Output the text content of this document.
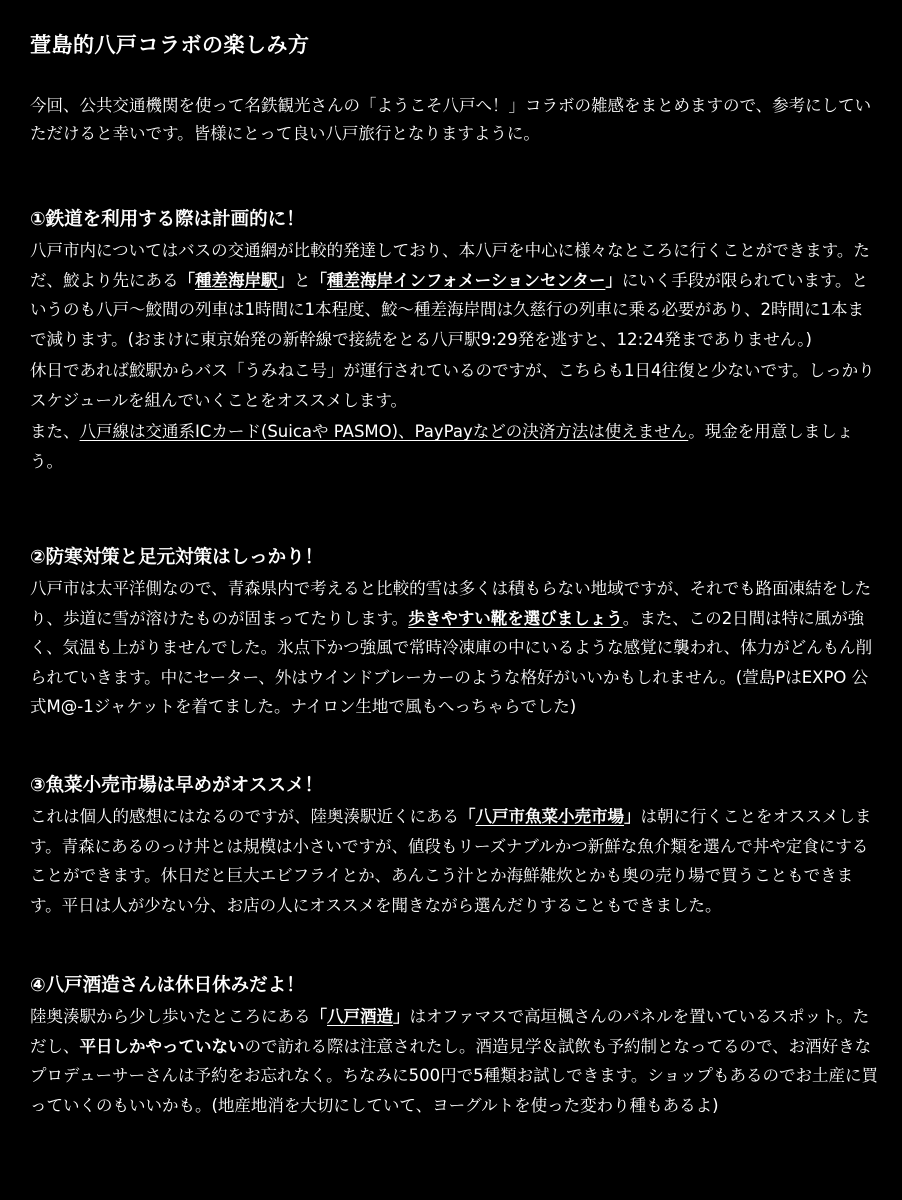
萱島的八戸コラボの楽しみ方
今回、公共交通機関を使って名鉄観光さんの「ようこそ八戸へ！」コラボの雑感をまとめますので、参考にしていただけると幸いです。皆様にとって良い八戸旅行となりますように。
①鉄道を利用する際は計画的に！
八戸市内についてはバスの交通網が比較的発達しており、本八戸を中心に様々なところに行くことができます。ただ、鮫より先にある「種差海岸駅」と「種差海岸インフォメーションセンター」にいく手段が限られています。というのも八戸〜鮫間の列車は1時間に1本程度、鮫〜種差海岸間は久慈行の列車に乗る必要があり、2時間に1本まで減ります。(おまけに東京始発の新幹線で接続をとる八戸駅9:29発を逃すと、12:24発までありません。)
休日であれば鮫駅からバス「うみねこ号」が運行されているのですが、こちらも1日4往復と少ないです。しっかりスケジュールを組んでいくことをオススメします。
また、八戸線は交通系ICカード(Suicaや PASMO)、PayPayなどの決済方法は使えません。現金を用意しましょう。
②防寒対策と足元対策はしっかり！
八戸市は太平洋側なので、青森県内で考えると比較的雪は多くは積もらない地域ですが、それでも路面凍結をしたり、歩道に雪が溶けたものが固まってたりします。歩きやすい靴を選びましょう。また、この2日間は特に風が強く、気温も上がりませんでした。氷点下かつ強風で常時冷凍庫の中にいるような感覚に襲われ、体力がどんもん削られていきます。中にセーター、外はウインドブレーカーのような格好がいいかもしれません。(萱島PはEXPO 公式M@-1ジャケットを着てました。ナイロン生地で風もへっちゃらでした)
③魚菜小売市場は早めがオススメ！
これは個人的感想にはなるのですが、陸奥湊駅近くにある「八戸市魚菜小売市場」は朝に行くことをオススメします。青森にあるのっけ丼とは規模は小さいですが、値段もリーズナブルかつ新鮮な魚介類を選んで丼や定食にすることができます。休日だと巨大エビフライとか、あんこう汁とか海鮮雑炊とかも奥の売り場で買うこともできます。平日は人が少ない分、お店の人にオススメを聞きながら選んだりすることもできました。
④八戸酒造さんは休日休みだよ！
陸奥湊駅から少し歩いたところにある「八戸酒造」はオファマスで高垣楓さんのパネルを置いているスポット。ただし、平日しかやっていないので訪れる際は注意されたし。酒造見学＆試飲も予約制となってるので、お酒好きなプロデューサーさんは予約をお忘れなく。ちなみに500円で5種類お試しできます。ショップもあるのでお土産に買っていくのもいいかも。(地産地消を大切にしていて、ヨーグルトを使った変わり種もあるよ)
